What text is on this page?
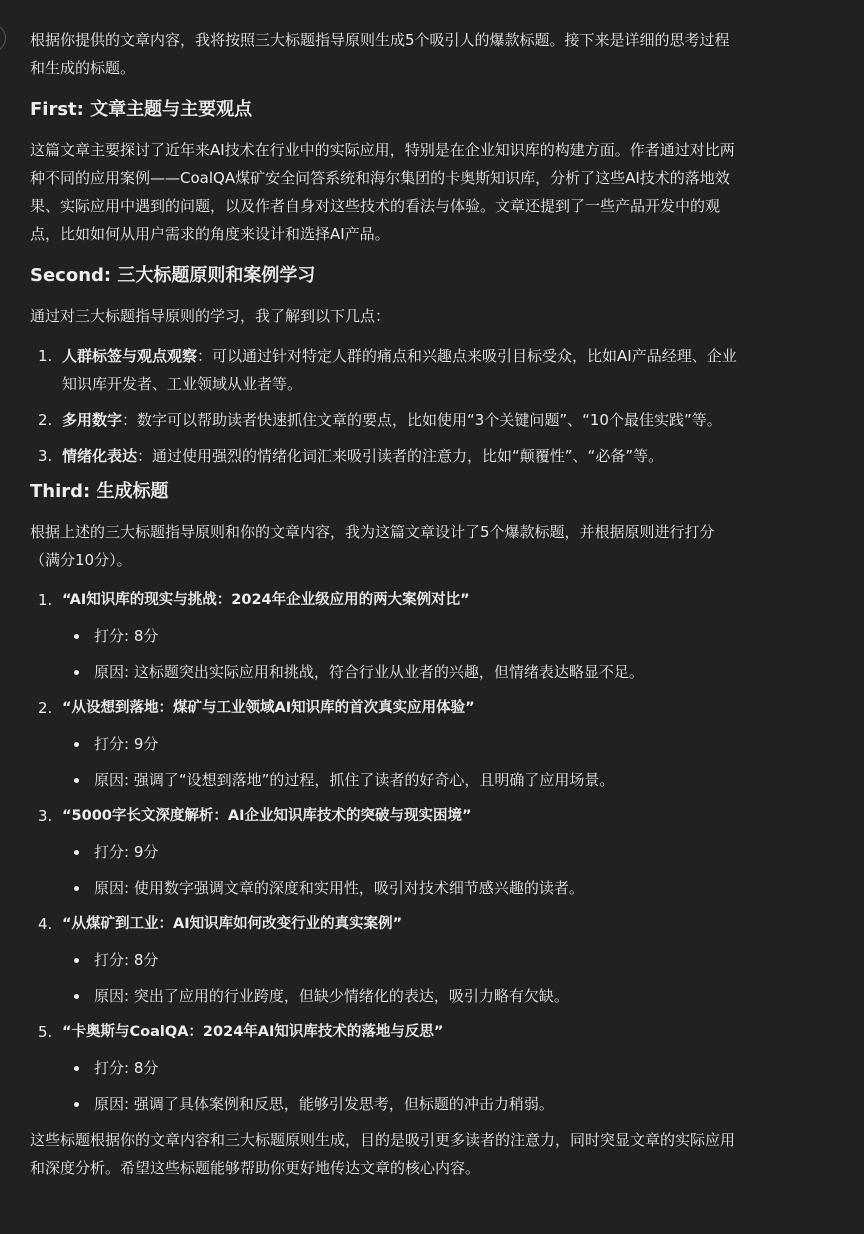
根据你提供的文章内容，我将按照三大标题指导原则生成5个吸引人的爆款标题。接下来是详细的思考过程和生成的标题。

First: 文章主题与主要观点

这篇文章主要探讨了近年来AI技术在行业中的实际应用，特别是在企业知识库的构建方面。作者通过对比两种不同的应用案例——CoalQA煤矿安全问答系统和海尔集团的卡奥斯知识库，分析了这些AI技术的落地效果、实际应用中遇到的问题，以及作者自身对这些技术的看法与体验。文章还提到了一些产品开发中的观点，比如如何从用户需求的角度来设计和选择AI产品。

Second: 三大标题原则和案例学习

通过对三大标题指导原则的学习，我了解到以下几点：

1. 人群标签与观点观察：可以通过针对特定人群的痛点和兴趣点来吸引目标受众，比如AI产品经理、企业知识库开发者、工业领域从业者等。
2. 多用数字：数字可以帮助读者快速抓住文章的要点，比如使用“3个关键问题”、“10个最佳实践”等。
3. 情绪化表达：通过使用强烈的情绪化词汇来吸引读者的注意力，比如“颠覆性”、“必备”等。
Third: 生成标题

根据上述的三大标题指导原则和你的文章内容，我为这篇文章设计了5个爆款标题，并根据原则进行打分（满分10分）。

1. “AI知识库的现实与挑战：2024年企业级应用的两大案例对比”
打分: 8分
原因: 这标题突出实际应用和挑战，符合行业从业者的兴趣，但情绪表达略显不足。
2. “从设想到落地：煤矿与工业领域AI知识库的首次真实应用体验”
打分: 9分
原因: 强调了“设想到落地”的过程，抓住了读者的好奇心，且明确了应用场景。
3. “5000字长文深度解析：AI企业知识库技术的突破与现实困境”
打分: 9分
原因: 使用数字强调文章的深度和实用性，吸引对技术细节感兴趣的读者。
4. “从煤矿到工业：AI知识库如何改变行业的真实案例”
打分: 8分
原因: 突出了应用的行业跨度，但缺少情绪化的表达，吸引力略有欠缺。
5. “卡奥斯与CoalQA：2024年AI知识库技术的落地与反思”
打分: 8分
原因: 强调了具体案例和反思，能够引发思考，但标题的冲击力稍弱。

这些标题根据你的文章内容和三大标题原则生成，目的是吸引更多读者的注意力，同时突显文章的实际应用和深度分析。希望这些标题能够帮助你更好地传达文章的核心内容。
